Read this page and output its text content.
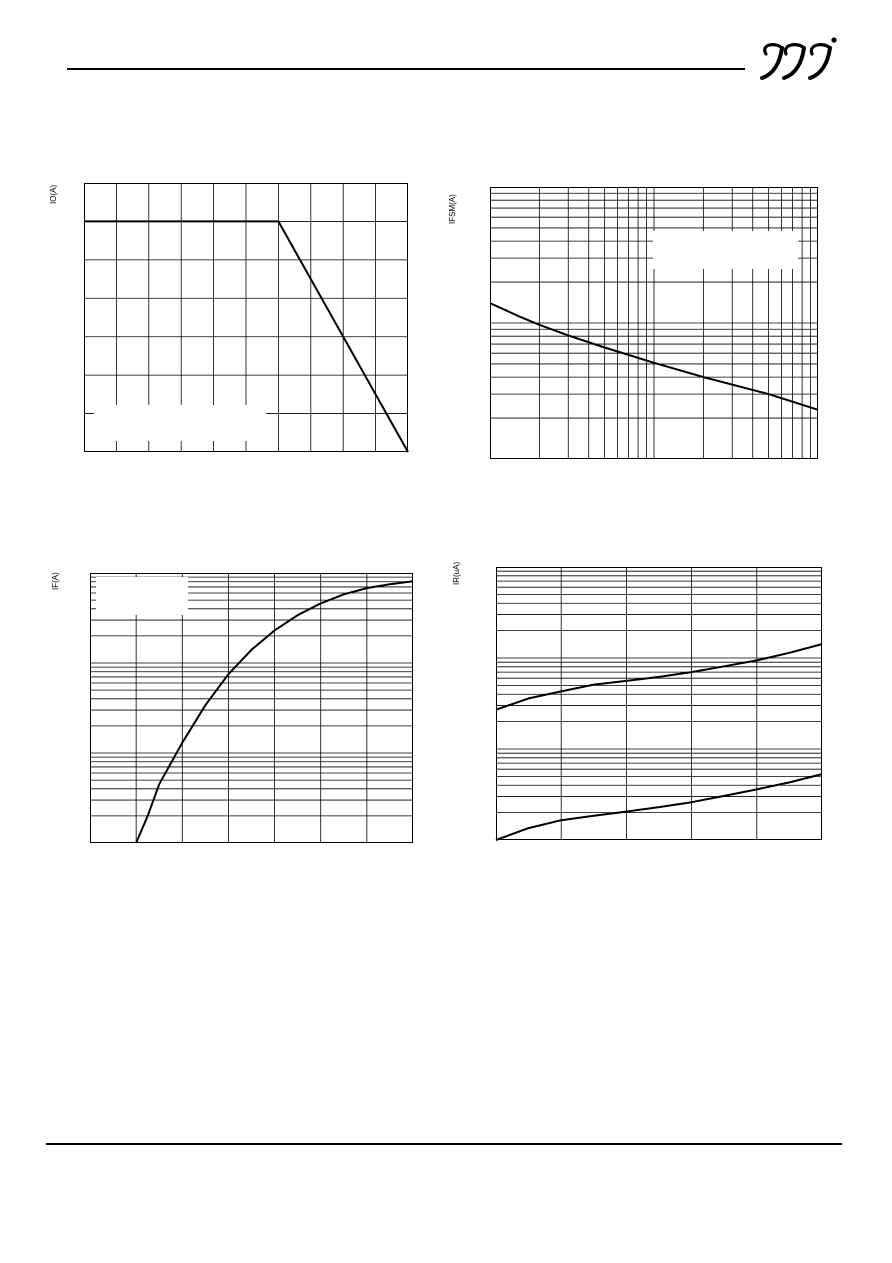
IO(A)	IFSM(A)
IF(A)	IR(uA)
